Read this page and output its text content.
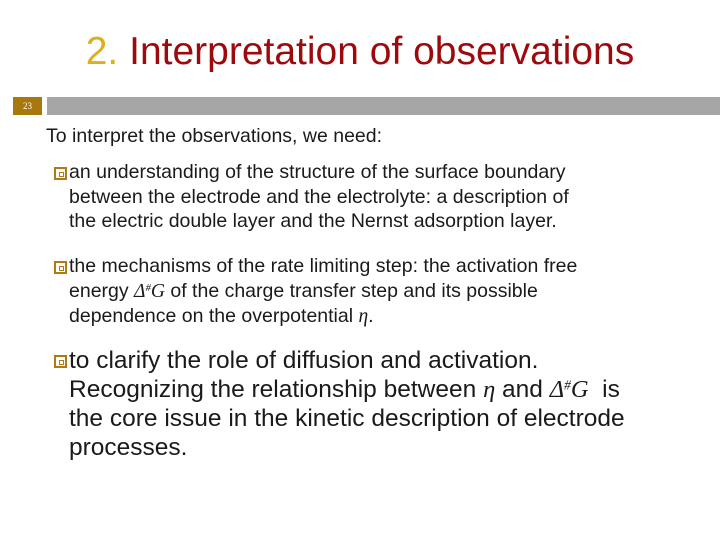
2. Interpretation of observations
23
To interpret the observations, we need:
an understanding of the structure of the surface boundary
between the electrode and the electrolyte: a description of
the electric double layer and the Nernst adsorption layer.
the mechanisms of the rate limiting step: the activation free
energy Δ#G of the charge transfer step and its possible
dependence on the overpotential η.
to clarify the role of diffusion and activation.
Recognizing the relationship between η and Δ#G  is
the core issue in the kinetic description of electrode
processes.
